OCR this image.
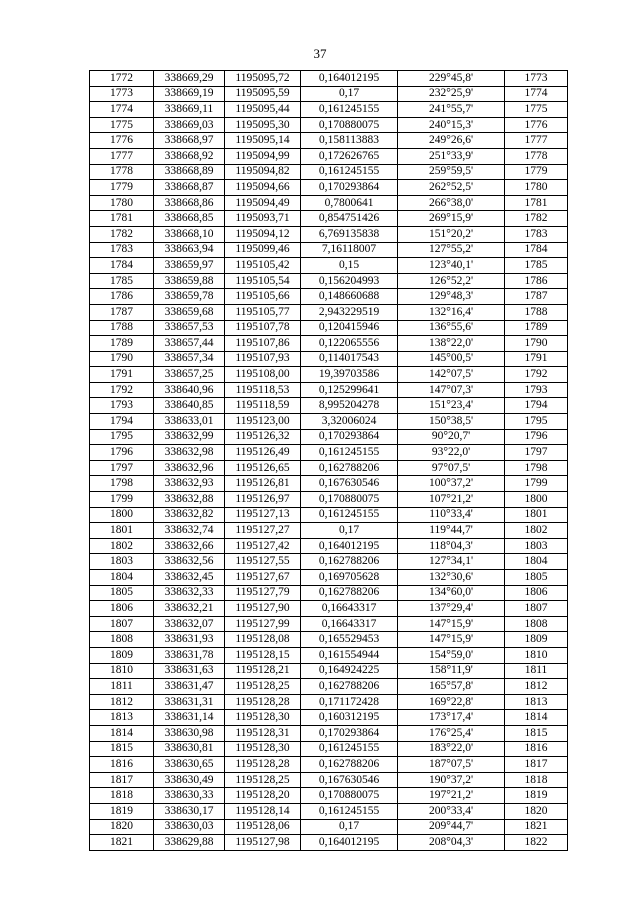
37
1772	338669,29	1195095,72	0,164012195	229°45,8'	1773
1773	338669,19	1195095,59	0,17	232°25,9'	1774
1774	338669,11	1195095,44	0,161245155	241°55,7'	1775
1775	338669,03	1195095,30	0,170880075	240°15,3'	1776
1776	338668,97	1195095,14	0,158113883	249°26,6'	1777
1777	338668,92	1195094,99	0,172626765	251°33,9'	1778
1778	338668,89	1195094,82	0,161245155	259°59,5'	1779
1779	338668,87	1195094,66	0,170293864	262°52,5'	1780
1780	338668,86	1195094,49	0,7800641	266°38,0'	1781
1781	338668,85	1195093,71	0,854751426	269°15,9'	1782
1782	338668,10	1195094,12	6,769135838	151°20,2'	1783
1783	338663,94	1195099,46	7,16118007	127°55,2'	1784
1784	338659,97	1195105,42	0,15	123°40,1'	1785
1785	338659,88	1195105,54	0,156204993	126°52,2'	1786
1786	338659,78	1195105,66	0,148660688	129°48,3'	1787
1787	338659,68	1195105,77	2,943229519	132°16,4'	1788
1788	338657,53	1195107,78	0,120415946	136°55,6'	1789
1789	338657,44	1195107,86	0,122065556	138°22,0'	1790
1790	338657,34	1195107,93	0,114017543	145°00,5'	1791
1791	338657,25	1195108,00	19,39703586	142°07,5'	1792
1792	338640,96	1195118,53	0,125299641	147°07,3'	1793
1793	338640,85	1195118,59	8,995204278	151°23,4'	1794
1794	338633,01	1195123,00	3,32006024	150°38,5'	1795
1795	338632,99	1195126,32	0,170293864	90°20,7'	1796
1796	338632,98	1195126,49	0,161245155	93°22,0'	1797
1797	338632,96	1195126,65	0,162788206	97°07,5'	1798
1798	338632,93	1195126,81	0,167630546	100°37,2'	1799
1799	338632,88	1195126,97	0,170880075	107°21,2'	1800
1800	338632,82	1195127,13	0,161245155	110°33,4'	1801
1801	338632,74	1195127,27	0,17	119°44,7'	1802
1802	338632,66	1195127,42	0,164012195	118°04,3'	1803
1803	338632,56	1195127,55	0,162788206	127°34,1'	1804
1804	338632,45	1195127,67	0,169705628	132°30,6'	1805
1805	338632,33	1195127,79	0,162788206	134°60,0'	1806
1806	338632,21	1195127,90	0,16643317	137°29,4'	1807
1807	338632,07	1195127,99	0,16643317	147°15,9'	1808
1808	338631,93	1195128,08	0,165529453	147°15,9'	1809
1809	338631,78	1195128,15	0,161554944	154°59,0'	1810
1810	338631,63	1195128,21	0,164924225	158°11,9'	1811
1811	338631,47	1195128,25	0,162788206	165°57,8'	1812
1812	338631,31	1195128,28	0,171172428	169°22,8'	1813
1813	338631,14	1195128,30	0,160312195	173°17,4'	1814
1814	338630,98	1195128,31	0,170293864	176°25,4'	1815
1815	338630,81	1195128,30	0,161245155	183°22,0'	1816
1816	338630,65	1195128,28	0,162788206	187°07,5'	1817
1817	338630,49	1195128,25	0,167630546	190°37,2'	1818
1818	338630,33	1195128,20	0,170880075	197°21,2'	1819
1819	338630,17	1195128,14	0,161245155	200°33,4'	1820
1820	338630,03	1195128,06	0,17	209°44,7'	1821
1821	338629,88	1195127,98	0,164012195	208°04,3'	1822
